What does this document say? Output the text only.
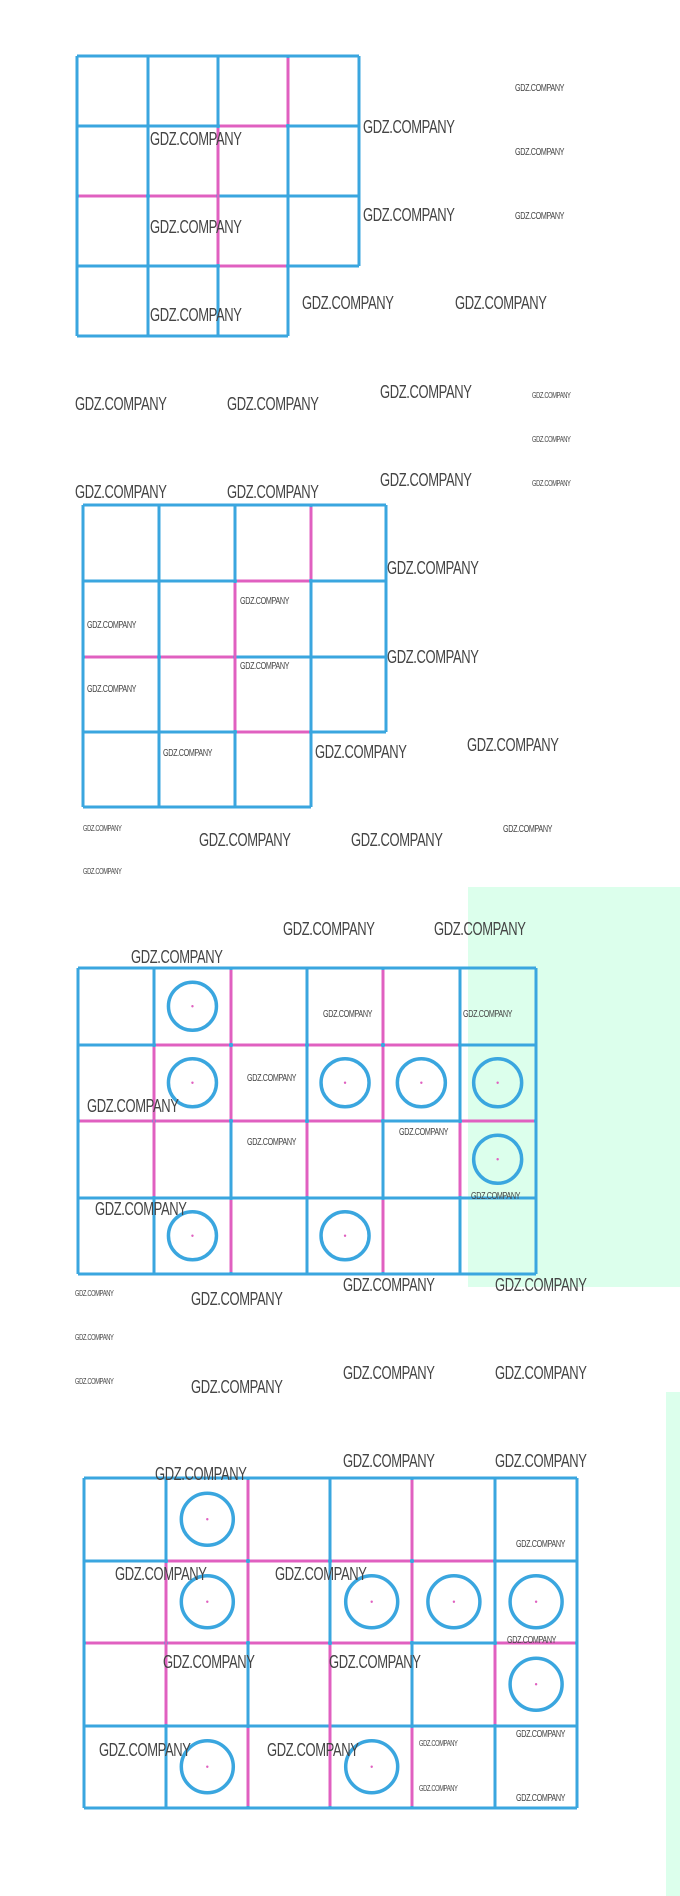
GDZ.COMPANY
GDZ.COMPANY
GDZ.COMPANY
GDZ.COMPANY
GDZ.COMPANY
GDZ.COMPANY
GDZ.COMPANY
GDZ.COMPANY	GDZ.COMPANY
GDZ.COMPANY
GDZ.COMPANY
GDZ.COMPANY	GDZ.COMPANY	GDZ.COMPANY
GDZ.COMPANY
GDZ.COMPANY
GDZ.COMPANY	GDZ.COMPANY	GDZ.COMPANY
GDZ.COMPANY
GDZ.COMPANY
GDZ.COMPANY
GDZ.COMPANY
GDZ.COMPANY
GDZ.COMPANY
GDZ.COMPANY	GDZ.COMPANY
GDZ.COMPANY
GDZ.COMPANY
GDZ.COMPANY	GDZ.COMPANY
GDZ.COMPANY
GDZ.COMPANY
GDZ.COMPANY	GDZ.COMPANY
GDZ.COMPANY
GDZ.COMPANY	GDZ.COMPANY
GDZ.COMPANY
GDZ.COMPANY
GDZ.COMPANY
GDZ.COMPANY
GDZ.COMPANY
GDZ.COMPANY
GDZ.COMPANY	GDZ.COMPANY
GDZ.COMPANY	GDZ.COMPANY
GDZ.COMPANY
GDZ.COMPANY	GDZ.COMPANY
GDZ.COMPANY	GDZ.COMPANY
GDZ.COMPANY	GDZ.COMPANY
GDZ.COMPANY
GDZ.COMPANY
GDZ.COMPANY	GDZ.COMPANY
GDZ.COMPANY
GDZ.COMPANY	GDZ.COMPANY
GDZ.COMPANY
GDZ.COMPANY
GDZ.COMPANY	GDZ.COMPANY
GDZ.COMPANY
GDZ.COMPANY
